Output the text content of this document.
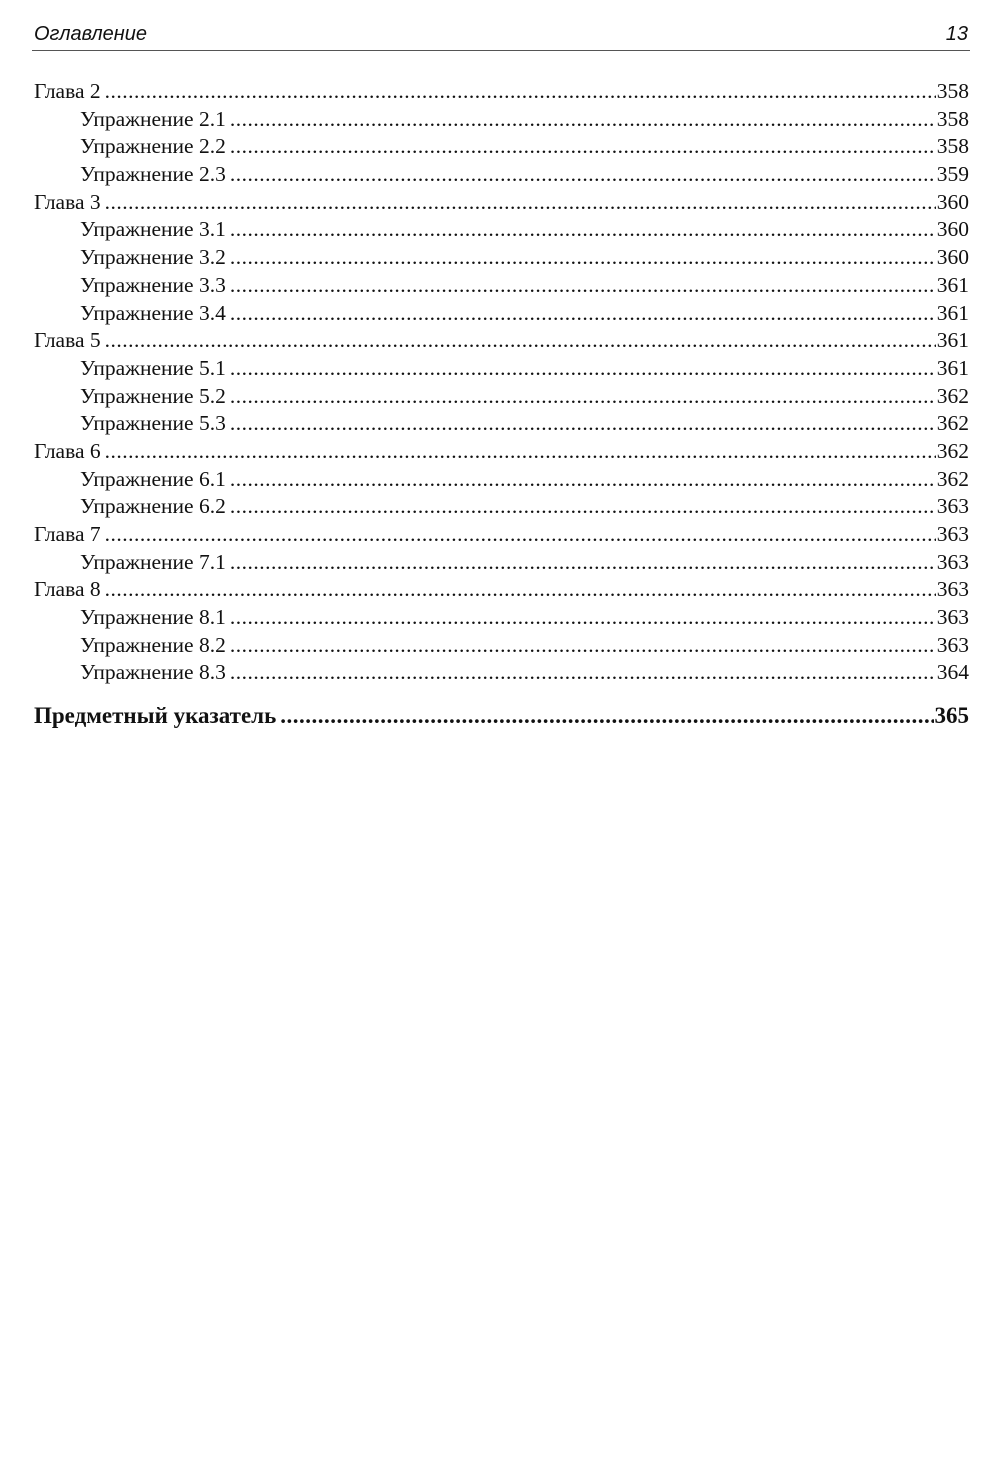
Оглавление	13
Глава 2 .....	358
Упражнение 2.1 .....	358
Упражнение 2.2 .....	358
Упражнение 2.3 .....	359
Глава 3 .....	360
Упражнение 3.1 .....	360
Упражнение 3.2 .....	360
Упражнение 3.3 .....	361
Упражнение 3.4 .....	361
Глава 5 .....	361
Упражнение 5.1 .....	361
Упражнение 5.2 .....	362
Упражнение 5.3 .....	362
Глава 6 .....	362
Упражнение 6.1 .....	362
Упражнение 6.2 .....	363
Глава 7 .....	363
Упражнение 7.1 .....	363
Глава 8 .....	363
Упражнение 8.1 .....	363
Упражнение 8.2 .....	363
Упражнение 8.3 .....	364
Предметный указатель .....	365
